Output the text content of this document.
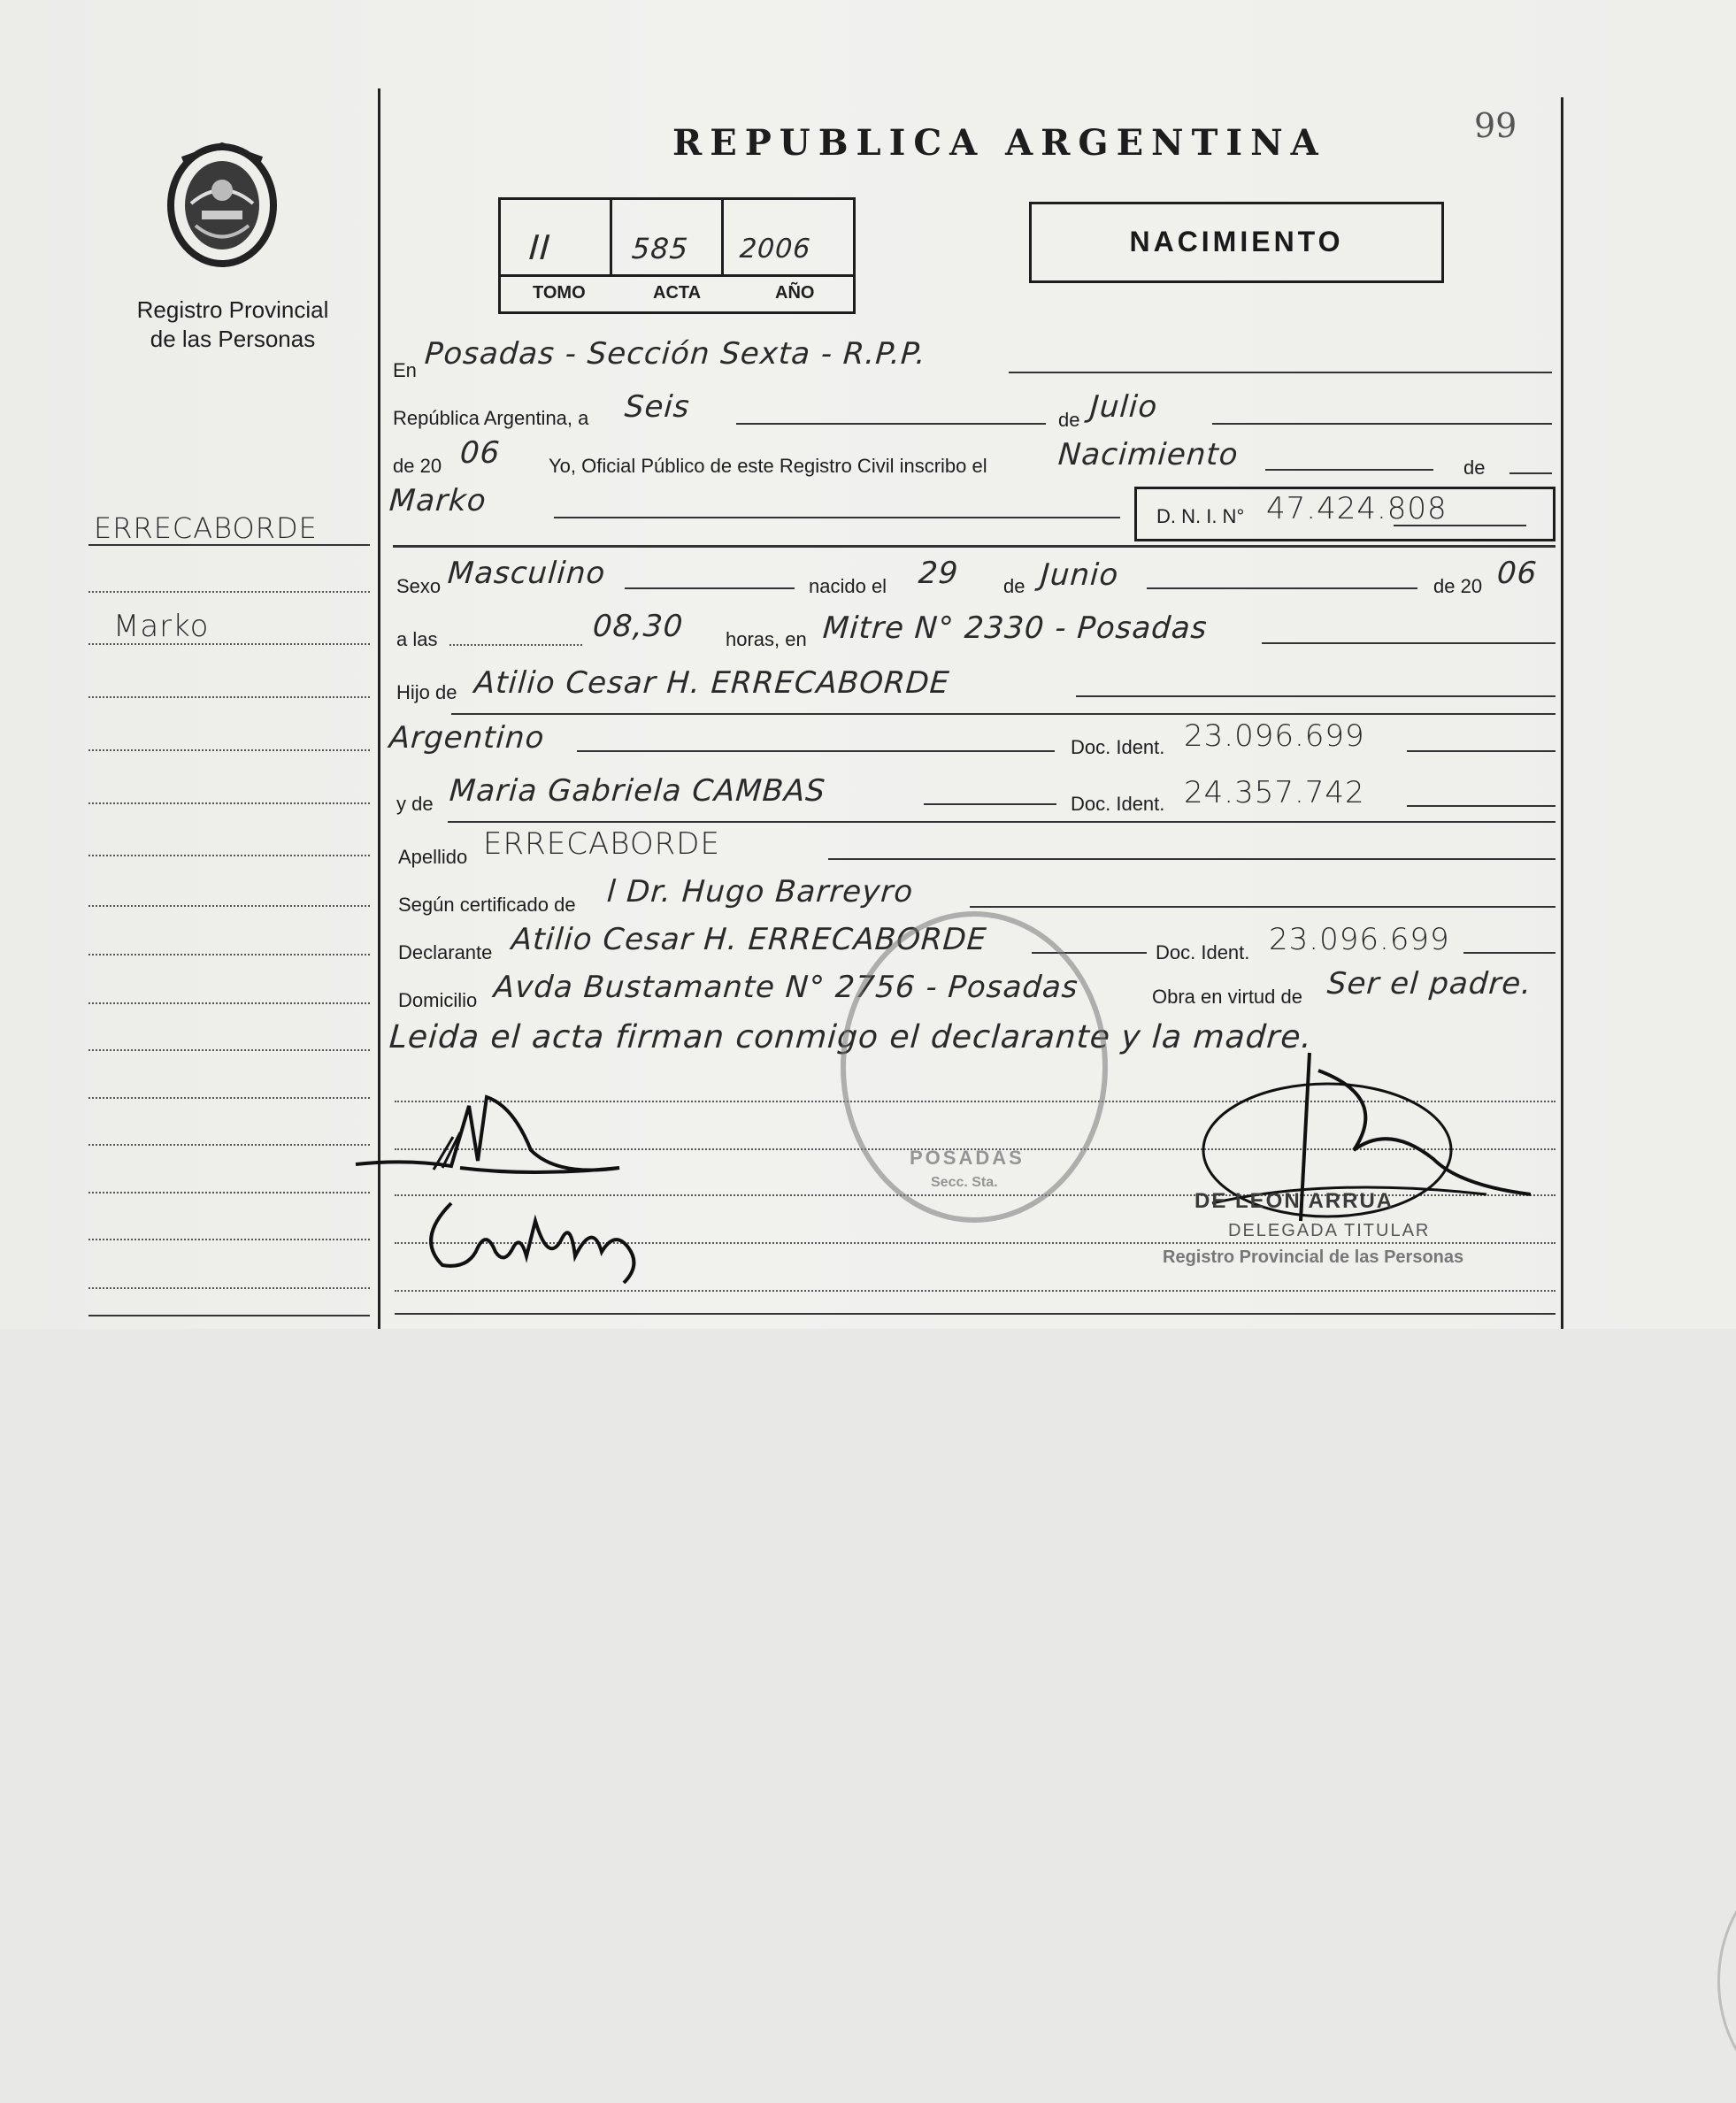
Registro Provincial
de las Personas
REPUBLICA ARGENTINA	99
II	585 2006
TOMO	ACTA	AÑO
NACIMIENTO
ERRECABORDE
Marko
En Posadas - Sección Sexta - R.P.P.
República Argentina, a Seis	de Julio
de 20 06 Yo, Oficial Público de este Registro Civil inscribo el Nacimiento	de
Marko	D. N. I. N° 47.424.808
Sexo Masculino	nacido el 29 de Junio	de 20 06
a las	08,30 horas, en Mitre N° 2330 - Posadas
Hijo de Atilio Cesar H. ERRECABORDE
Argentino	Doc. Ident. 23.096.699
y de Maria Gabriela CAMBAS	Doc. Ident. 24.357.742
Apellido ERRECABORDE
Según certificado de l Dr. Hugo Barreyro
Declarante Atilio Cesar H. ERRECABORDE	Doc. Ident. 23.096.699
Domicilio Avda Bustamante N° 2756 - Posadas	Obra en virtud de Ser el padre.
Leida el acta firman conmigo el declarante y la madre.
POSADAS
Secc. Sta.
DE LEON ARRUA
DELEGADA TITULAR
Registro Provincial de las Personas
